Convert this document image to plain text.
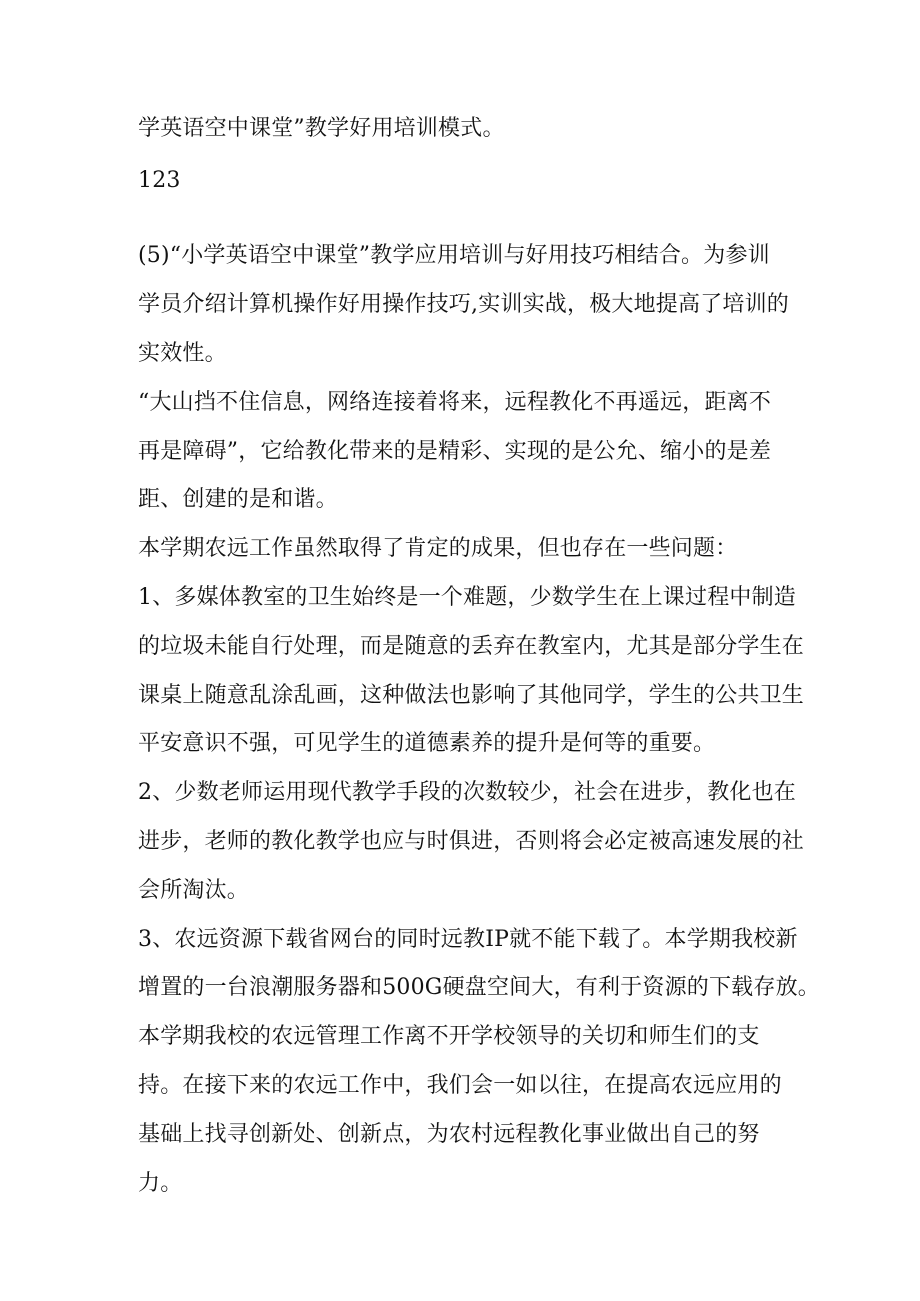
学英语空中课堂”教学好用培训模式。
123
(5)“小学英语空中课堂”教学应用培训与好用技巧相结合。为参训
学员介绍计算机操作好用操作技巧,实训实战，极大地提高了培训的
实效性。
“大山挡不住信息，网络连接着将来，远程教化不再遥远，距离不
再是障碍”，它给教化带来的是精彩、实现的是公允、缩小的是差
距、创建的是和谐。
本学期农远工作虽然取得了肯定的成果，但也存在一些问题：
1、多媒体教室的卫生始终是一个难题，少数学生在上课过程中制造
的垃圾未能自行处理，而是随意的丢弃在教室内，尤其是部分学生在
课桌上随意乱涂乱画，这种做法也影响了其他同学，学生的公共卫生
平安意识不强，可见学生的道德素养的提升是何等的重要。
2、少数老师运用现代教学手段的次数较少，社会在进步，教化也在
进步，老师的教化教学也应与时俱进，否则将会必定被高速发展的社
会所淘汰。
3、农远资源下载省网台的同时远教IP就不能下载了。本学期我校新
增置的一台浪潮服务器和500G硬盘空间大，有利于资源的下载存放。
本学期我校的农远管理工作离不开学校领导的关切和师生们的支
持。在接下来的农远工作中，我们会一如以往，在提高农远应用的
基础上找寻创新处、创新点，为农村远程教化事业做出自己的努
力。
